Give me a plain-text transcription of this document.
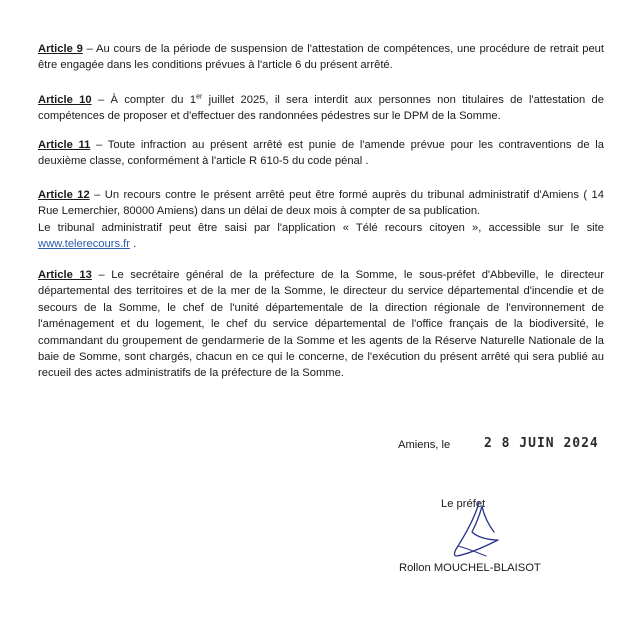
Article 9 – Au cours de la période de suspension de l'attestation de compétences, une procédure de retrait peut être engagée dans les conditions prévues à l'article 6 du présent arrêté.

Article 10 – À compter du 1er juillet 2025, il sera interdit aux personnes non titulaires de l'attestation de compétences de proposer et d'effectuer des randonnées pédestres sur le DPM de la Somme.

Article 11 – Toute infraction au présent arrêté est punie de l'amende prévue pour les contraventions de la deuxième classe, conformément à l'article R 610-5 du code pénal .

Article 12 – Un recours contre le présent arrêté peut être formé auprès du tribunal administratif d'Amiens ( 14 Rue Lemerchier, 80000 Amiens) dans un délai de deux mois à compter de sa publication.
Le tribunal administratif peut être saisi par l'application « Télé recours citoyen », accessible sur le site www.telerecours.fr .

Article 13 – Le secrétaire général de la préfecture de la Somme, le sous-préfet d'Abbeville, le directeur départemental des territoires et de la mer de la Somme, le directeur du service départemental d'incendie et de secours de la Somme, le chef de l'unité départementale de la direction régionale de l'environnement de l'aménagement et du logement, le chef du service départemental de l'office français de la biodiversité, le commandant du groupement de gendarmerie de la Somme et les agents de la Réserve Naturelle Nationale de la baie de Somme, sont chargés, chacun en ce qui le concerne, de l'exécution du présent arrêté qui sera publié au recueil des actes administratifs de la préfecture de la Somme.

Amiens, le	2 8 JUIN 2024
Le préfet
Rollon MOUCHEL-BLAISOT
